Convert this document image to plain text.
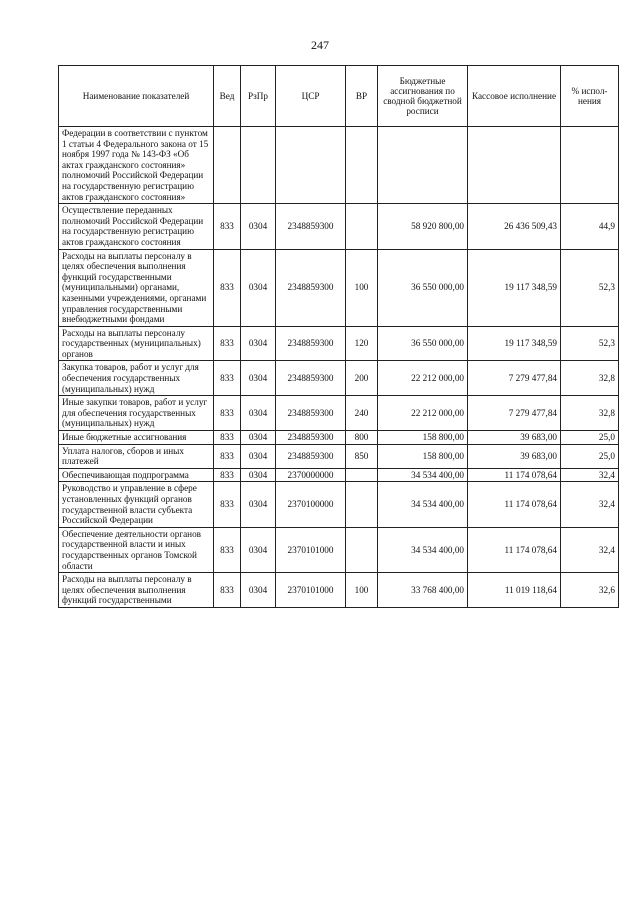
247
Наименование показателей	Вед	РзПр	ЦСР	ВР	Бюджетные ассигнования по сводной бюджетной росписи	Кассовое исполнение	% испол- нения
Федерации в соответствии с пунктом 1 статьи 4 Федерального закона от 15 ноября 1997 года № 143-ФЗ «Об актах гражданского состояния» полномочий Российской Федерации на государственную регистрацию актов гражданского состояния»							
Осуществление переданных полномочий Российской Федерации на государственную регистрацию актов гражданского состояния	833	0304	2348859300		58 920 800,00	26 436 509,43	44,9
Расходы на выплаты персоналу в целях обеспечения выполнения функций государственными (муниципальными) органами, казенными учреждениями, органами управления государственными внебюджетными фондами	833	0304	2348859300	100	36 550 000,00	19 117 348,59	52,3
Расходы на выплаты персоналу государственных (муниципальных) органов	833	0304	2348859300	120	36 550 000,00	19 117 348,59	52,3
Закупка товаров, работ и услуг для обеспечения государственных (муниципальных) нужд	833	0304	2348859300	200	22 212 000,00	7 279 477,84	32,8
Иные закупки товаров, работ и услуг для обеспечения государственных (муниципальных) нужд	833	0304	2348859300	240	22 212 000,00	7 279 477,84	32,8
Иные бюджетные ассигнования	833	0304	2348859300	800	158 800,00	39 683,00	25,0
Уплата налогов, сборов и иных платежей	833	0304	2348859300	850	158 800,00	39 683,00	25,0
Обеспечивающая подпрограмма	833	0304	2370000000		34 534 400,00	11 174 078,64	32,4
Руководство и управление в сфере установленных функций органов государственной власти субъекта Российской Федерации	833	0304	2370100000		34 534 400,00	11 174 078,64	32,4
Обеспечение деятельности органов государственной власти и иных государственных органов Томской области	833	0304	2370101000		34 534 400,00	11 174 078,64	32,4
Расходы на выплаты персоналу в целях обеспечения выполнения функций государственными	833	0304	2370101000	100	33 768 400,00	11 019 118,64	32,6
